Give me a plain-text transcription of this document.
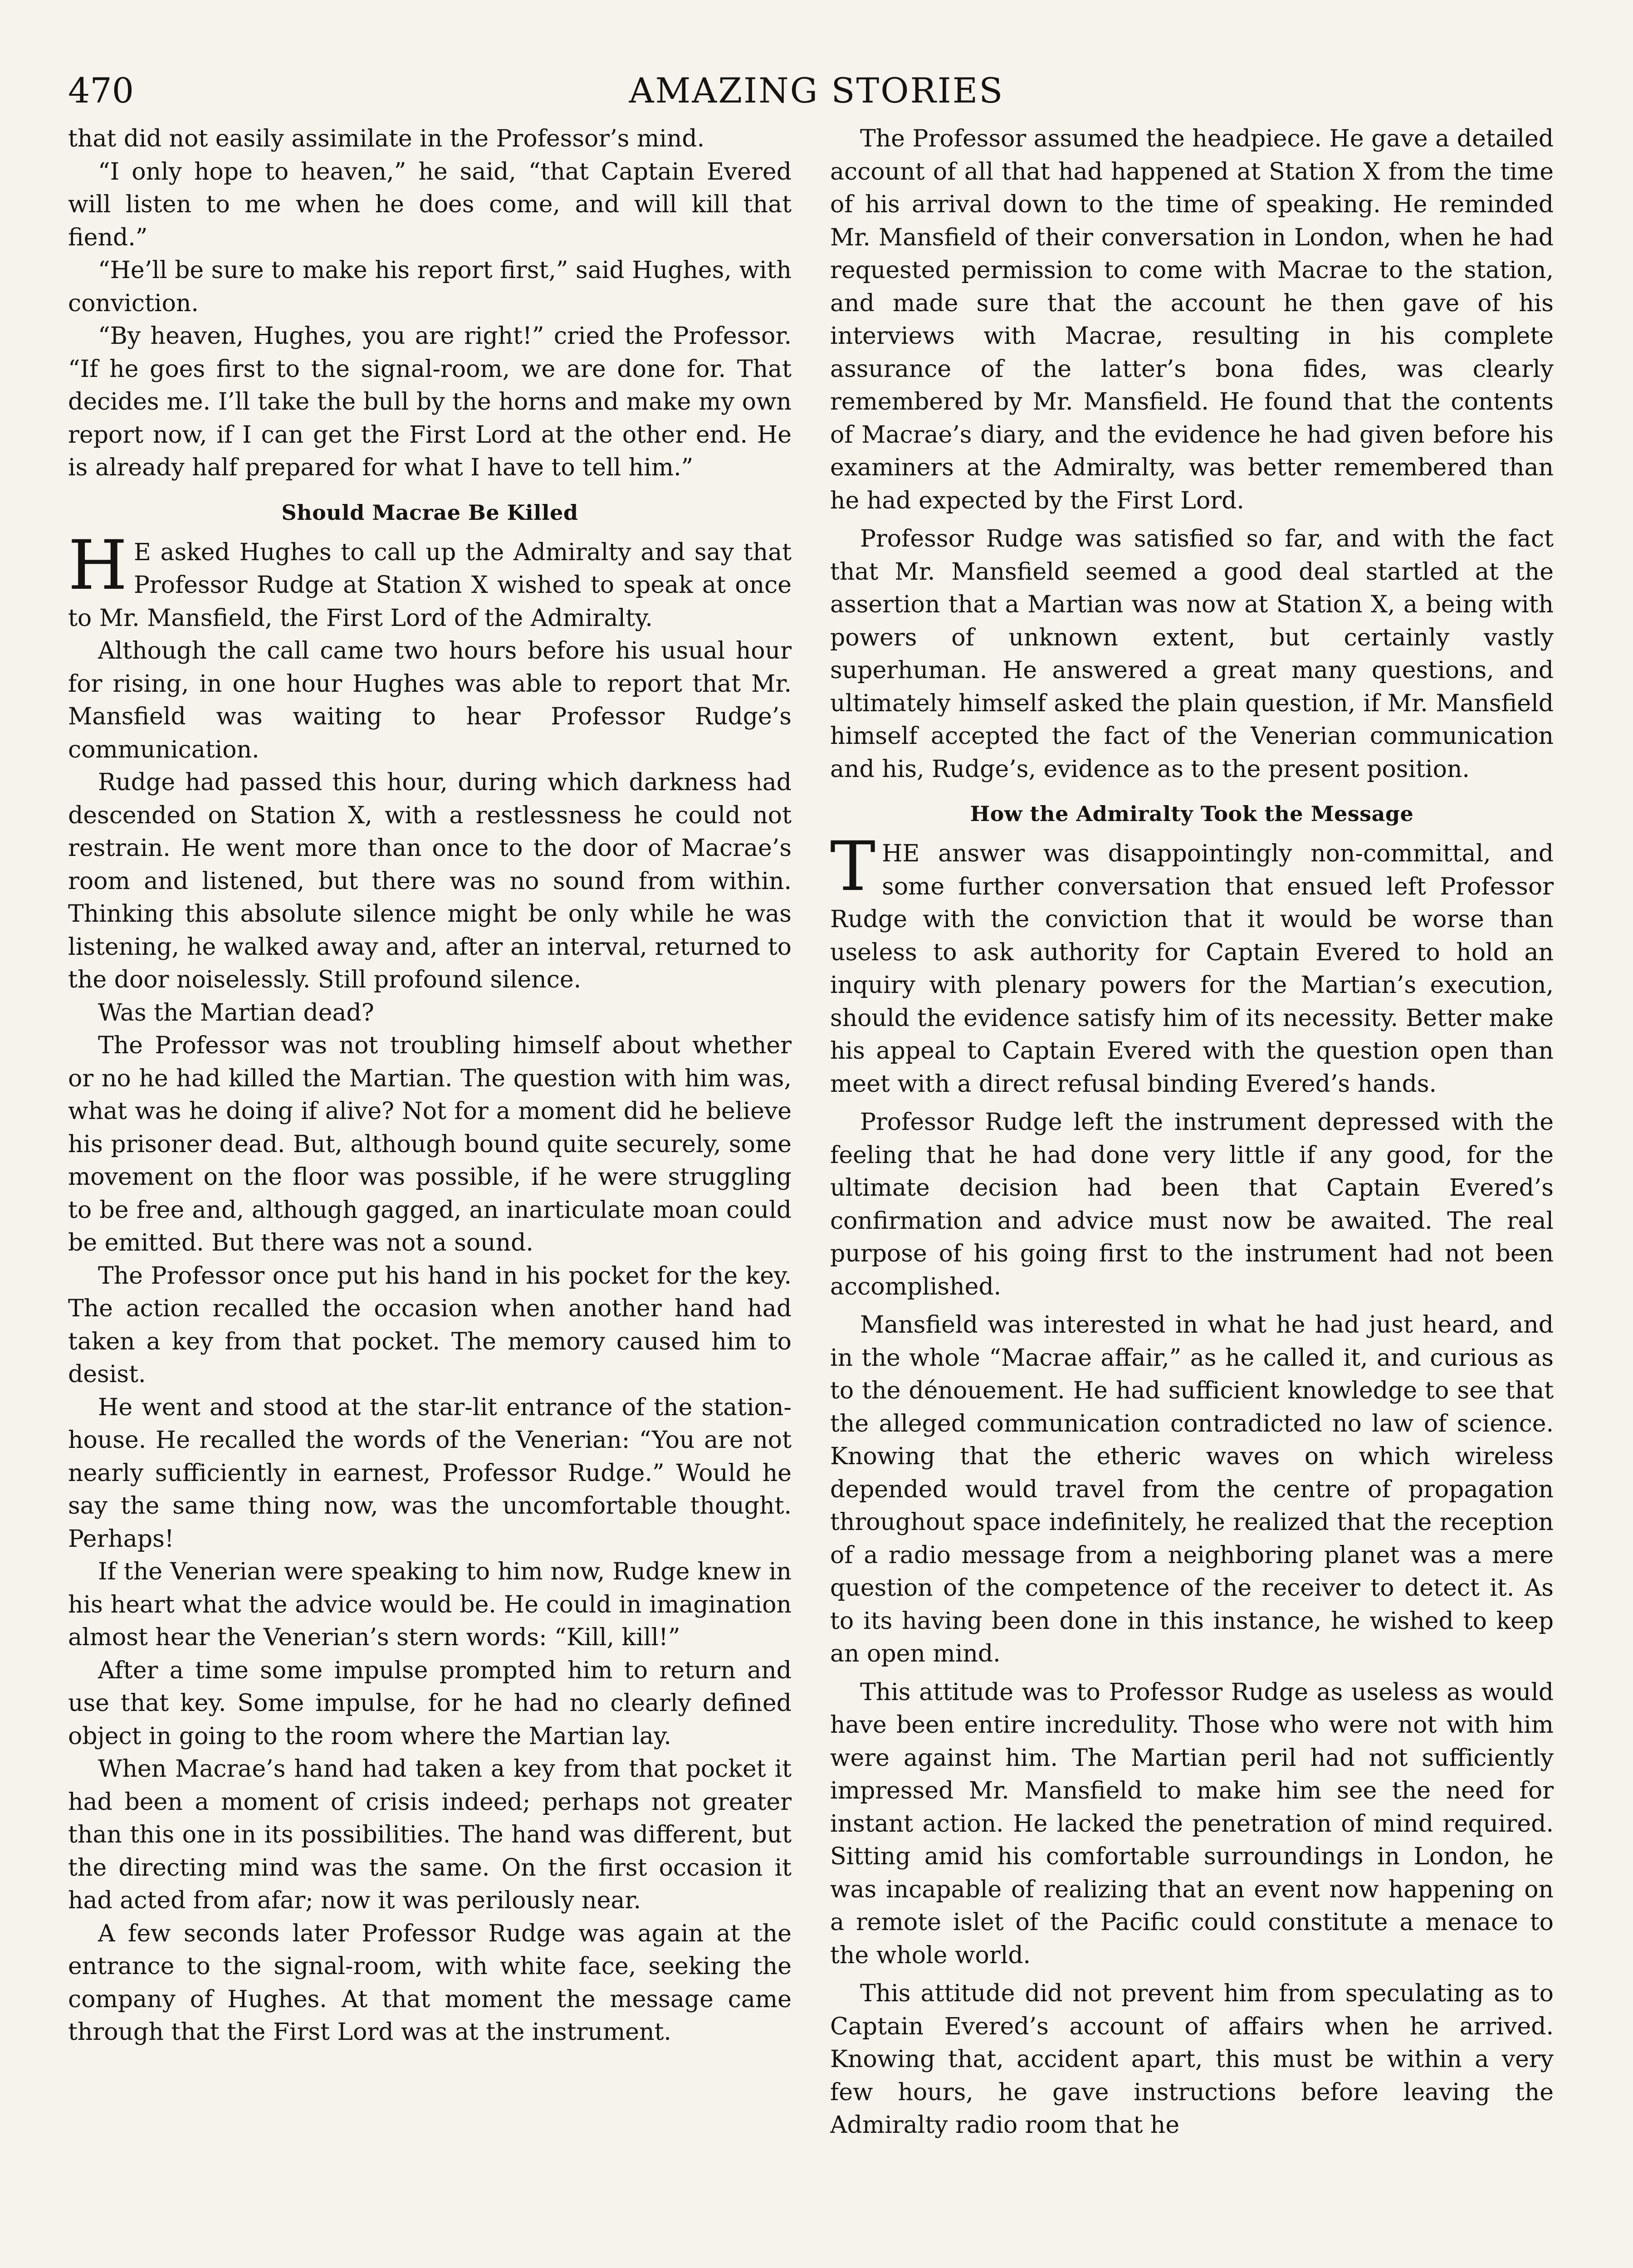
470	AMAZING STORIES

that did not easily assimilate in the Professor’s mind.

“I only hope to heaven,” he said, “that Captain Evered will listen to me when he does come, and will kill that fiend.”

“He’ll be sure to make his report first,” said Hughes, with conviction.

“By heaven, Hughes, you are right!” cried the Professor. “If he goes first to the signal-room, we are done for. That decides me. I’ll take the bull by the horns and make my own report now, if I can get the First Lord at the other end. He is already half prepared for what I have to tell him.”

Should Macrae Be Killed

H E asked Hughes to call up the Admiralty and say that Professor Rudge at Station X wished to speak at once to Mr. Mansfield, the First Lord of the Admiralty.

Although the call came two hours before his usual hour for rising, in one hour Hughes was able to report that Mr. Mansfield was waiting to hear Professor Rudge’s communication.

Rudge had passed this hour, during which darkness had descended on Station X, with a restlessness he could not restrain. He went more than once to the door of Macrae’s room and listened, but there was no sound from within. Thinking this absolute silence might be only while he was listening, he walked away and, after an interval, returned to the door noiselessly. Still profound silence.

Was the Martian dead?

The Professor was not troubling himself about whether or no he had killed the Martian. The question with him was, what was he doing if alive? Not for a moment did he believe his prisoner dead. But, although bound quite securely, some movement on the floor was possible, if he were struggling to be free and, although gagged, an inarticulate moan could be emitted. But there was not a sound.

The Professor once put his hand in his pocket for the key. The action recalled the occasion when another hand had taken a key from that pocket. The memory caused him to desist.

He went and stood at the star-lit entrance of the station-house. He recalled the words of the Venerian: “You are not nearly sufficiently in earnest, Professor Rudge.” Would he say the same thing now, was the uncomfortable thought. Perhaps!

If the Venerian were speaking to him now, Rudge knew in his heart what the advice would be. He could in imagination almost hear the Venerian’s stern words: “Kill, kill!”

After a time some impulse prompted him to return and use that key. Some impulse, for he had no clearly defined object in going to the room where the Martian lay.

When Macrae’s hand had taken a key from that pocket it had been a moment of crisis indeed; perhaps not greater than this one in its possibilities. The hand was different, but the directing mind was the same. On the first occasion it had acted from afar; now it was perilously near.

A few seconds later Professor Rudge was again at the entrance to the signal-room, with white face, seeking the company of Hughes. At that moment the message came through that the First Lord was at the instrument.

The Professor assumed the headpiece. He gave a detailed account of all that had happened at Station X from the time of his arrival down to the time of speaking. He reminded Mr. Mansfield of their conversation in London, when he had requested permission to come with Macrae to the station, and made sure that the account he then gave of his interviews with Macrae, resulting in his complete assurance of the latter’s bona fides, was clearly remembered by Mr. Mansfield. He found that the contents of Macrae’s diary, and the evidence he had given before his examiners at the Admiralty, was better remembered than he had expected by the First Lord.

Professor Rudge was satisfied so far, and with the fact that Mr. Mansfield seemed a good deal startled at the assertion that a Martian was now at Station X, a being with powers of unknown extent, but certainly vastly superhuman. He answered a great many questions, and ultimately himself asked the plain question, if Mr. Mansfield himself accepted the fact of the Venerian communication and his, Rudge’s, evidence as to the present position.

How the Admiralty Took the Message

THE answer was disappointingly non-committal, and some further conversation that ensued left Professor Rudge with the conviction that it would be worse than useless to ask authority for Captain Evered to hold an inquiry with plenary powers for the Martian’s execution, should the evidence satisfy him of its necessity. Better make his appeal to Captain Evered with the question open than meet with a direct refusal binding Evered’s hands.

Professor Rudge left the instrument depressed with the feeling that he had done very little if any good, for the ultimate decision had been that Captain Evered’s confirmation and advice must now be awaited. The real purpose of his going first to the instrument had not been accomplished.

Mansfield was interested in what he had just heard, and in the whole “Macrae affair,” as he called it, and curious as to the dénouement. He had sufficient knowledge to see that the alleged communication contradicted no law of science. Knowing that the etheric waves on which wireless depended would travel from the centre of propagation throughout space indefinitely, he realized that the reception of a radio message from a neighboring planet was a mere question of the competence of the receiver to detect it. As to its having been done in this instance, he wished to keep an open mind.

This attitude was to Professor Rudge as useless as would have been entire incredulity. Those who were not with him were against him. The Martian peril had not sufficiently impressed Mr. Mansfield to make him see the need for instant action. He lacked the penetration of mind required. Sitting amid his comfortable surroundings in London, he was incapable of realizing that an event now happening on a remote islet of the Pacific could constitute a menace to the whole world.

This attitude did not prevent him from speculating as to Captain Evered’s account of affairs when he arrived. Knowing that, accident apart, this must be within a very few hours, he gave instructions before leaving the Admiralty radio room that he
